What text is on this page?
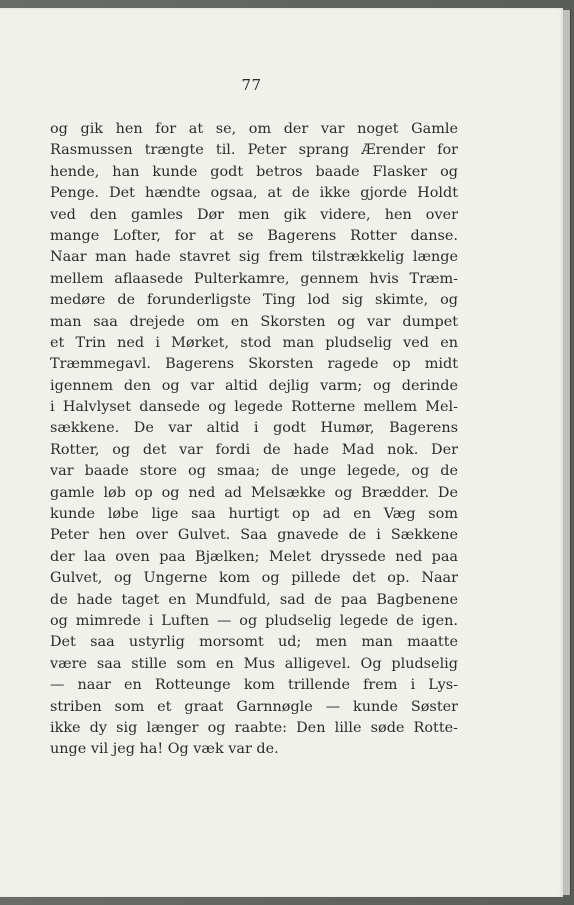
77
og gik hen for at se, om der var noget Gamle
Rasmussen trængte til. Peter sprang Ærender for
hende, han kunde godt betros baade Flasker og
Penge. Det hændte ogsaa, at de ikke gjorde Holdt
ved den gamles Dør men gik videre, hen over
mange Lofter, for at se Bagerens Rotter danse.
Naar man hade stavret sig frem tilstrækkelig længe
mellem aflaasede Pulterkamre, gennem hvis Træm-
medøre de forunderligste Ting lod sig skimte, og
man saa drejede om en Skorsten og var dumpet
et Trin ned i Mørket, stod man pludselig ved en
Træmmegavl. Bagerens Skorsten ragede op midt
igennem den og var altid dejlig varm; og derinde
i Halvlyset dansede og legede Rotterne mellem Mel-
sækkene. De var altid i godt Humør, Bagerens
Rotter, og det var fordi de hade Mad nok. Der
var baade store og smaa; de unge legede, og de
gamle løb op og ned ad Melsække og Brædder. De
kunde løbe lige saa hurtigt op ad en Væg som
Peter hen over Gulvet. Saa gnavede de i Sækkene
der laa oven paa Bjælken; Melet dryssede ned paa
Gulvet, og Ungerne kom og pillede det op. Naar
de hade taget en Mundfuld, sad de paa Bagbenene
og mimrede i Luften — og pludselig legede de igen.
Det saa ustyrlig morsomt ud; men man maatte
være saa stille som en Mus alligevel. Og pludselig
— naar en Rotteunge kom trillende frem i Lys-
striben som et graat Garnnøgle — kunde Søster
ikke dy sig længer og raabte: Den lille søde Rotte-
unge vil jeg ha! Og væk var de.
